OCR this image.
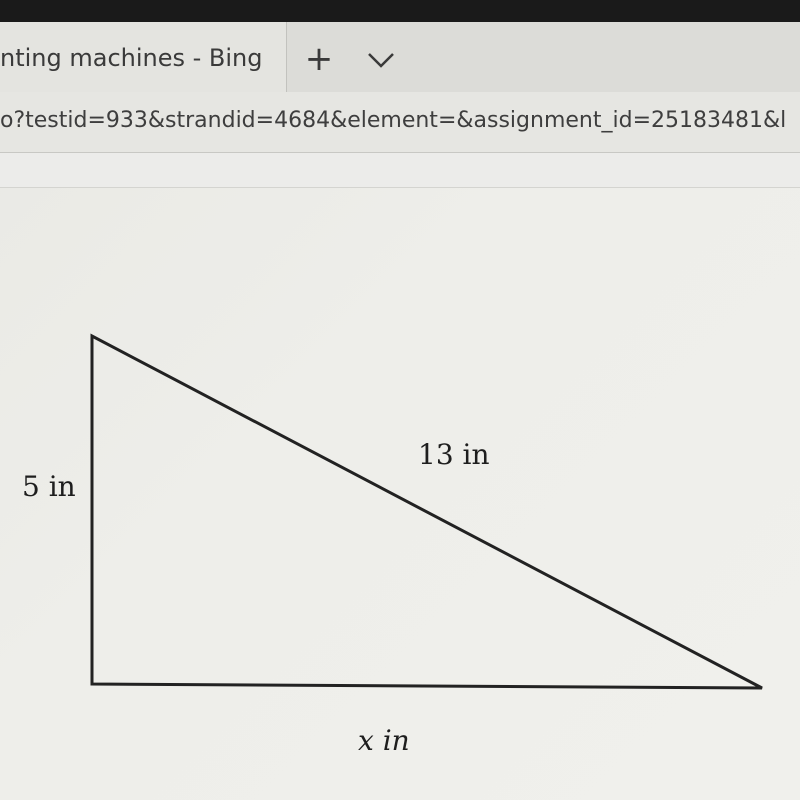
nting machines - Bing +
o?testid=933&strandid=4684&element=&assignment_id=25183481&l
5 in
13 in
x in
